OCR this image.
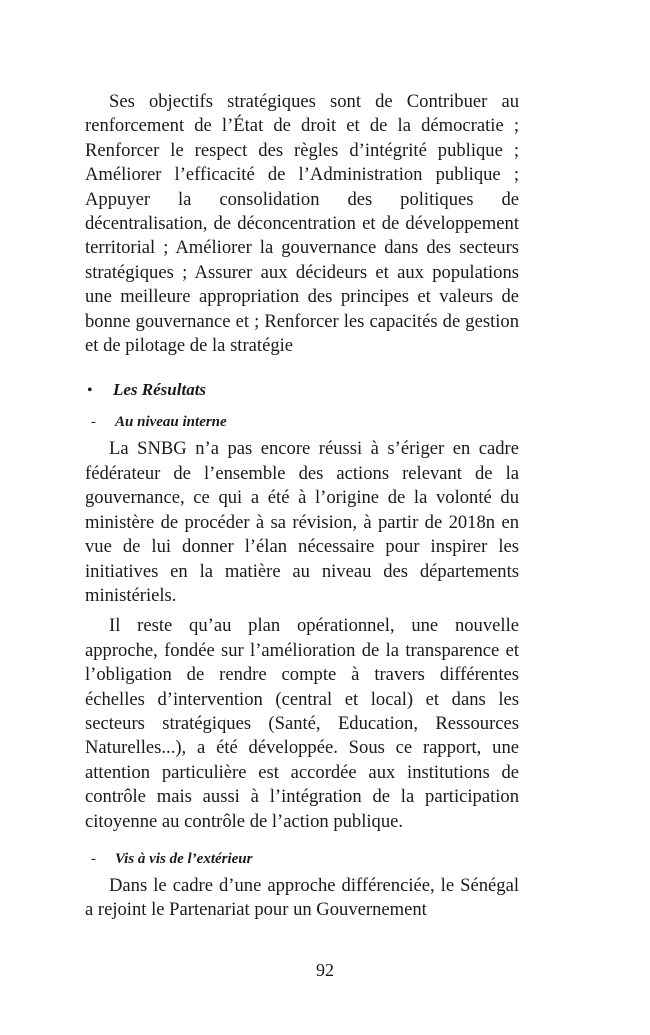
Ses objectifs stratégiques sont de Contribuer au renforcement de l’État de droit et de la démocratie ; Renforcer le respect des règles d’intégrité publique ; Améliorer l’efficacité de l’Administration publique ; Appuyer la consolidation des politiques de décentralisation, de déconcentration et de développement territorial ; Améliorer la gouvernance dans des secteurs stratégiques ; Assurer aux décideurs et aux populations une meilleure appropriation des principes et valeurs de bonne gouvernance et ; Renforcer les capacités de gestion et de pilotage de la stratégie

•	Les Résultats
-	Au niveau interne

La SNBG n’a pas encore réussi à s’ériger en cadre fédérateur de l’ensemble des actions relevant de la gouvernance, ce qui a été à l’origine de la volonté du ministère de procéder à sa révision, à partir de 2018n en vue de lui donner l’élan nécessaire pour inspirer les initiatives en la matière au niveau des départements ministériels.

Il reste qu’au plan opérationnel, une nouvelle approche, fondée sur l’amélioration de la transparence et l’obligation de rendre compte à travers différentes échelles d’intervention (central et local) et dans les secteurs stratégiques (Santé, Education, Ressources Naturelles...), a été développée. Sous ce rapport, une attention particulière est accordée aux institutions de contrôle mais aussi à l’intégration de la participation citoyenne au contrôle de l’action publique.

-	Vis à vis de l’extérieur

Dans le cadre d’une approche différenciée, le Sénégal a rejoint le Partenariat pour un Gouvernement

92
